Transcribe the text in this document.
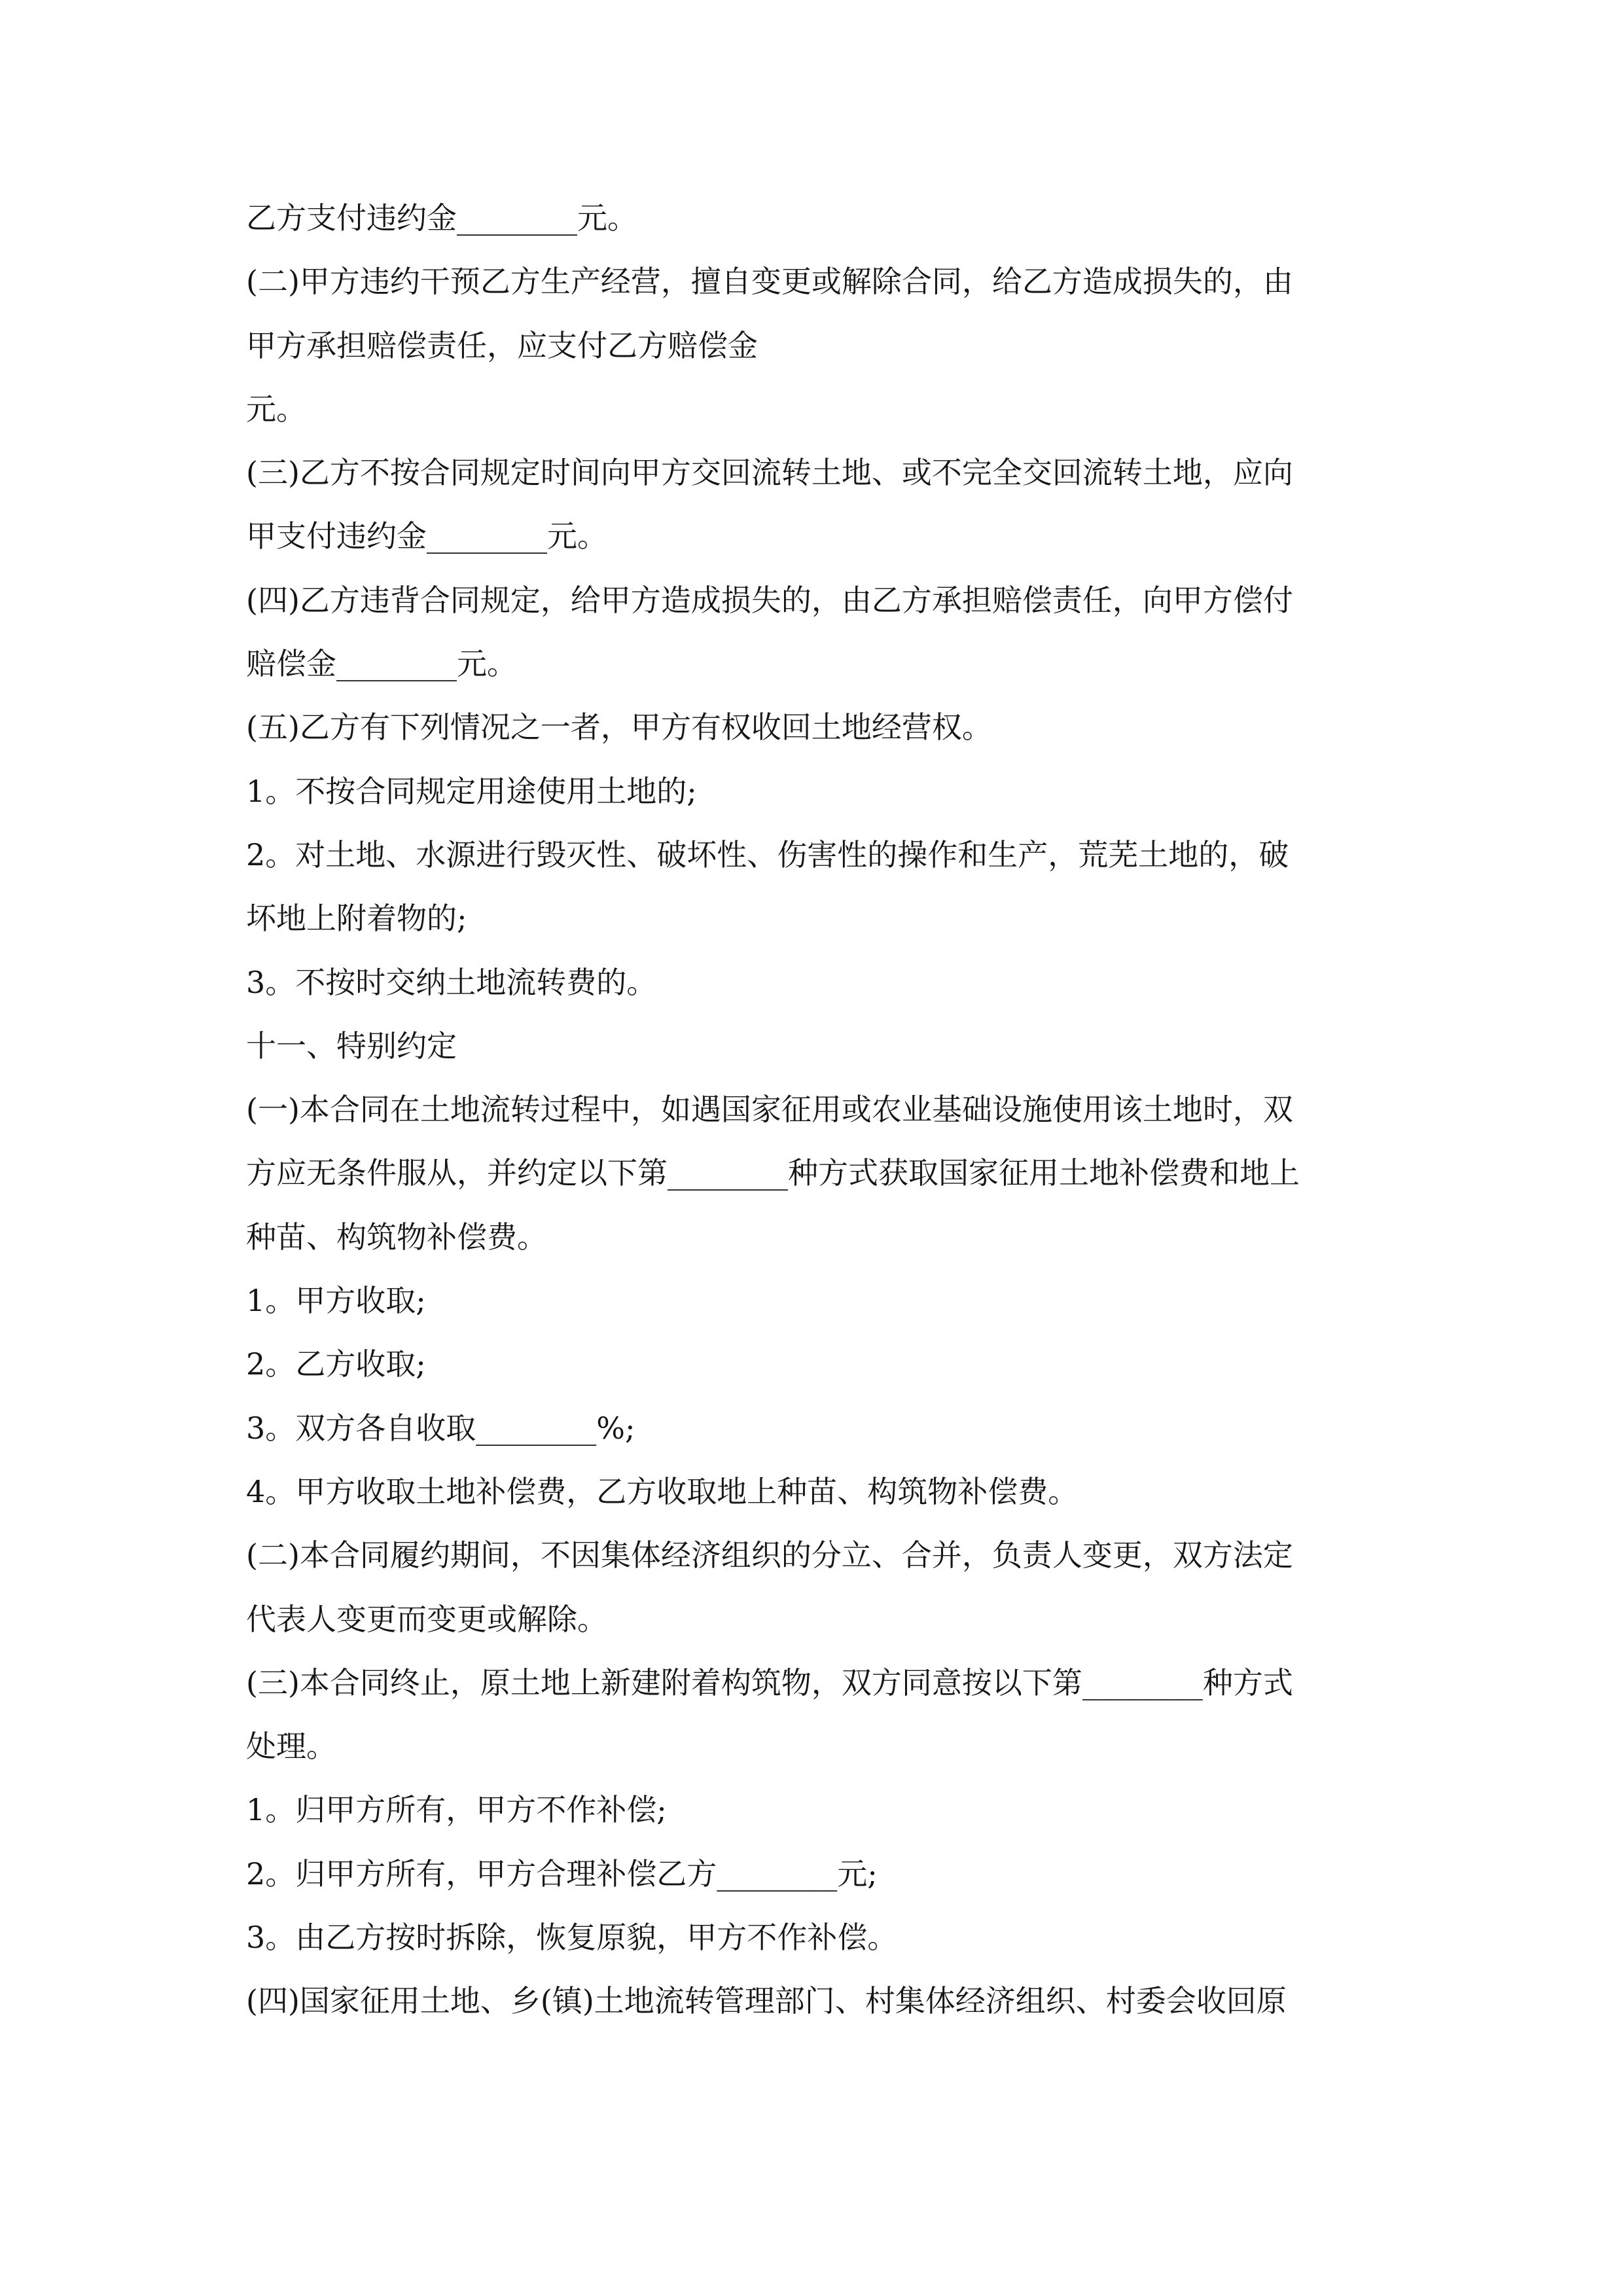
乙方支付违约金________元。
(二)甲方违约干预乙方生产经营，擅自变更或解除合同，给乙方造成损失的，由
甲方承担赔偿责任，应支付乙方赔偿金
元。
(三)乙方不按合同规定时间向甲方交回流转土地、或不完全交回流转土地，应向
甲支付违约金________元。
(四)乙方违背合同规定，给甲方造成损失的，由乙方承担赔偿责任，向甲方偿付
赔偿金________元。
(五)乙方有下列情况之一者，甲方有权收回土地经营权。
1。不按合同规定用途使用土地的;
2。对土地、水源进行毁灭性、破坏性、伤害性的操作和生产，荒芜土地的，破
坏地上附着物的;
3。不按时交纳土地流转费的。
十一、特别约定
(一)本合同在土地流转过程中，如遇国家征用或农业基础设施使用该土地时，双
方应无条件服从，并约定以下第________种方式获取国家征用土地补偿费和地上
种苗、构筑物补偿费。
1。甲方收取;
2。乙方收取;
3。双方各自收取________%;
4。甲方收取土地补偿费，乙方收取地上种苗、构筑物补偿费。
(二)本合同履约期间，不因集体经济组织的分立、合并，负责人变更，双方法定
代表人变更而变更或解除。
(三)本合同终止，原土地上新建附着构筑物，双方同意按以下第________种方式
处理。
1。归甲方所有，甲方不作补偿;
2。归甲方所有，甲方合理补偿乙方________元;
3。由乙方按时拆除，恢复原貌，甲方不作补偿。
(四)国家征用土地、乡(镇)土地流转管理部门、村集体经济组织、村委会收回原
